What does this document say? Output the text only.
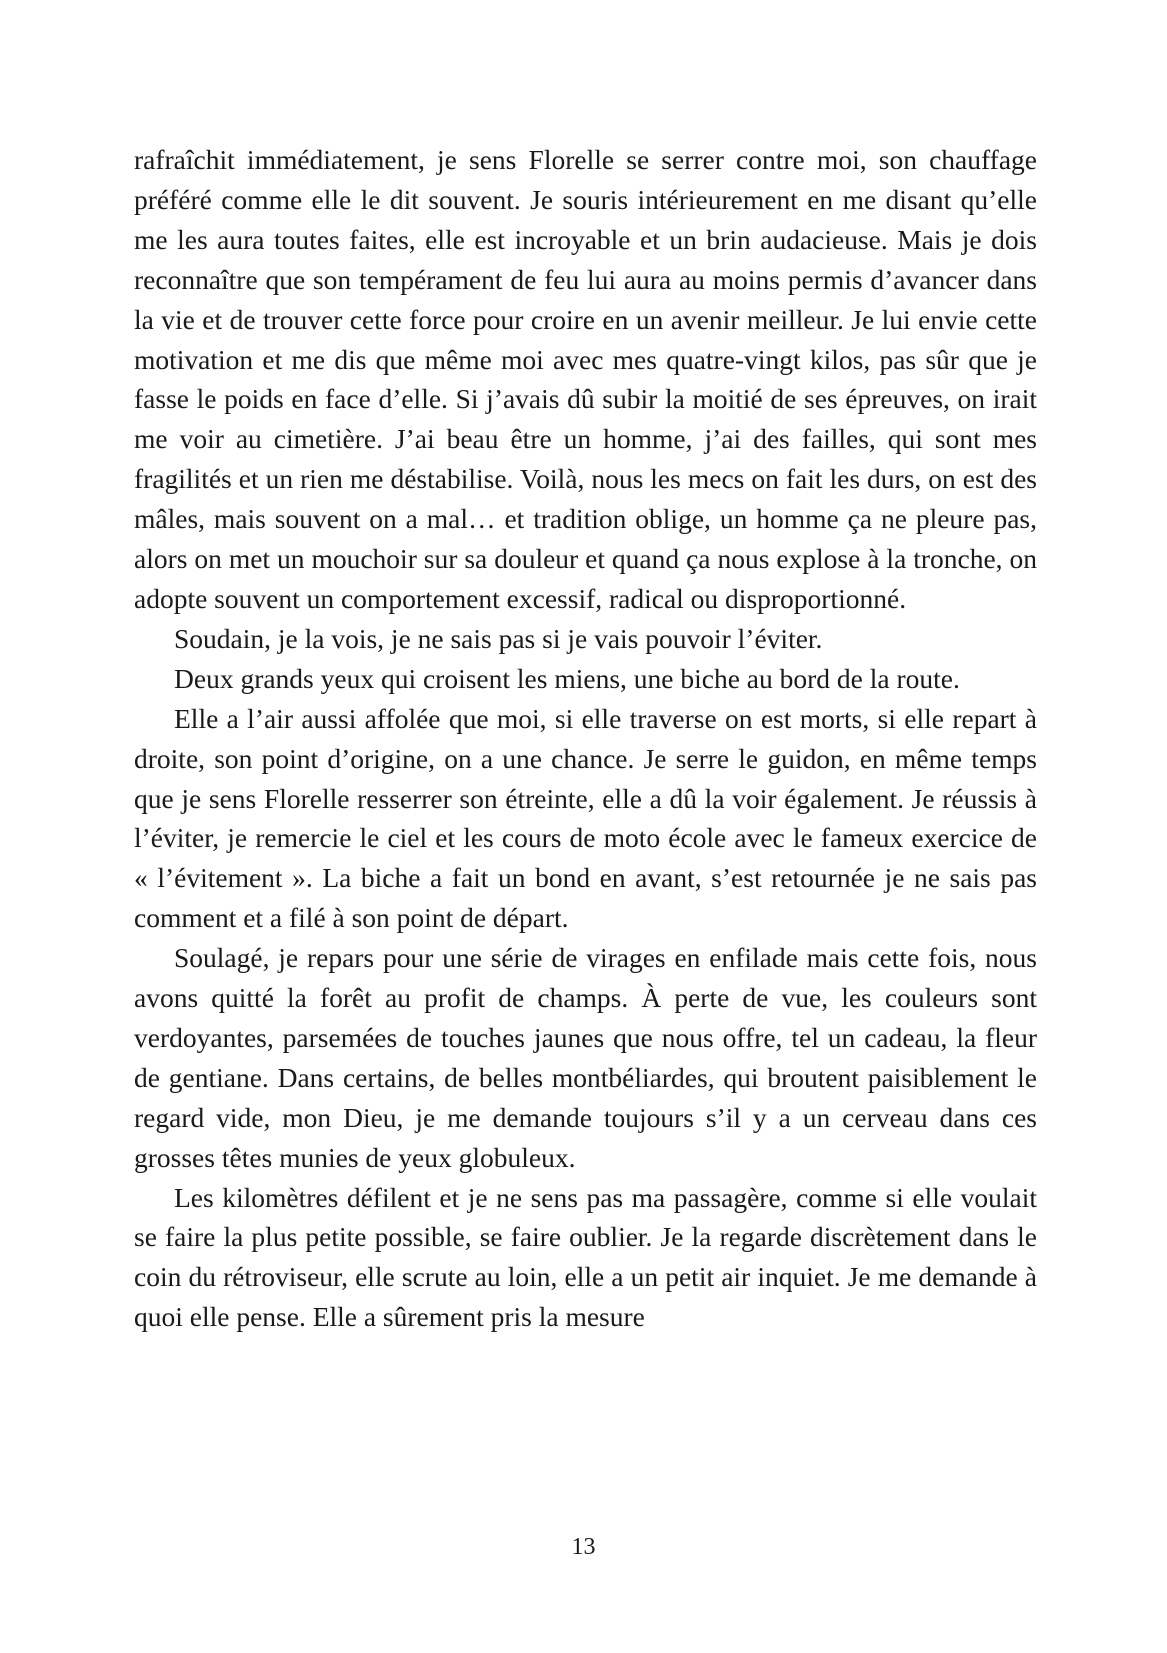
rafraîchit immédiatement, je sens Florelle se serrer contre moi, son chauffage préféré comme elle le dit souvent. Je souris intérieurement en me disant qu’elle me les aura toutes faites, elle est incroyable et un brin audacieuse. Mais je dois reconnaître que son tempérament de feu lui aura au moins permis d’avancer dans la vie et de trouver cette force pour croire en un avenir meilleur. Je lui envie cette motivation et me dis que même moi avec mes quatre-vingt kilos, pas sûr que je fasse le poids en face d’elle. Si j’avais dû subir la moitié de ses épreuves, on irait me voir au cimetière. J’ai beau être un homme, j’ai des failles, qui sont mes fragilités et un rien me déstabilise. Voilà, nous les mecs on fait les durs, on est des mâles, mais souvent on a mal… et tradition oblige, un homme ça ne pleure pas, alors on met un mouchoir sur sa douleur et quand ça nous explose à la tronche, on adopte souvent un comportement excessif, radical ou disproportionné.

Soudain, je la vois, je ne sais pas si je vais pouvoir l’éviter.

Deux grands yeux qui croisent les miens, une biche au bord de la route.

Elle a l’air aussi affolée que moi, si elle traverse on est morts, si elle repart à droite, son point d’origine, on a une chance. Je serre le guidon, en même temps que je sens Florelle resserrer son étreinte, elle a dû la voir également. Je réussis à l’éviter, je remercie le ciel et les cours de moto école avec le fameux exercice de « l’évitement ». La biche a fait un bond en avant, s’est retournée je ne sais pas comment et a filé à son point de départ.

Soulagé, je repars pour une série de virages en enfilade mais cette fois, nous avons quitté la forêt au profit de champs. À perte de vue, les couleurs sont verdoyantes, parsemées de touches jaunes que nous offre, tel un cadeau, la fleur de gentiane. Dans certains, de belles montbéliardes, qui broutent paisiblement le regard vide, mon Dieu, je me demande toujours s’il y a un cerveau dans ces grosses têtes munies de yeux globuleux.

Les kilomètres défilent et je ne sens pas ma passagère, comme si elle voulait se faire la plus petite possible, se faire oublier. Je la regarde discrètement dans le coin du rétroviseur, elle scrute au loin, elle a un petit air inquiet. Je me demande à quoi elle pense. Elle a sûrement pris la mesure

13
